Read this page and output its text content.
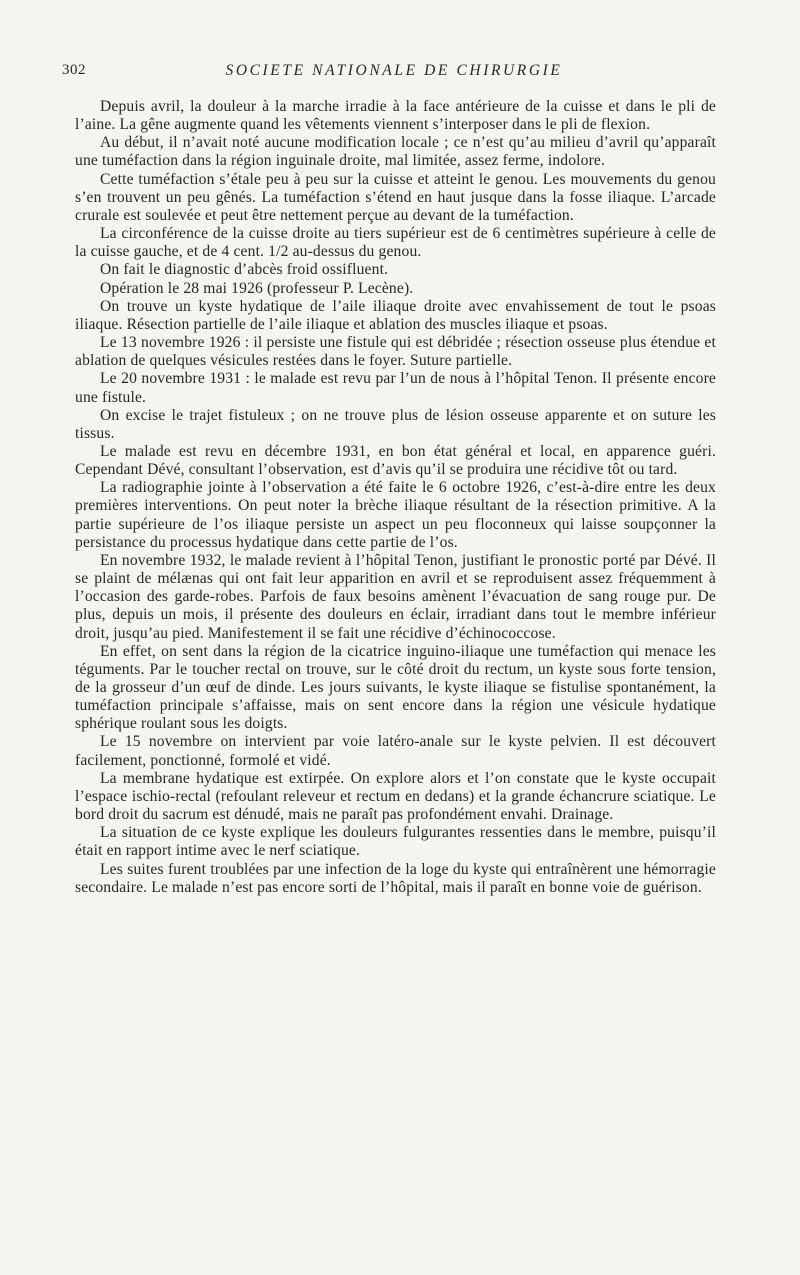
302	SOCIETE NATIONALE DE CHIRURGIE

Depuis avril, la douleur à la marche irradie à la face antérieure de la cuisse et dans le pli de l’aine. La gêne augmente quand les vêtements viennent s’interposer dans le pli de flexion.

Au début, il n’avait noté aucune modification locale ; ce n’est qu’au milieu d’avril qu’apparaît une tuméfaction dans la région inguinale droite, mal limitée, assez ferme, indolore.

Cette tuméfaction s’étale peu à peu sur la cuisse et atteint le genou. Les mouvements du genou s’en trouvent un peu gênés. La tuméfaction s’étend en haut jusque dans la fosse iliaque. L’arcade crurale est soulevée et peut être nettement perçue au devant de la tuméfaction.

La circonférence de la cuisse droite au tiers supérieur est de 6 centimètres supérieure à celle de la cuisse gauche, et de 4 cent. 1/2 au-dessus du genou.

On fait le diagnostic d’abcès froid ossifluent.

Opération le 28 mai 1926 (professeur P. Lecène).

On trouve un kyste hydatique de l’aile iliaque droite avec envahissement de tout le psoas iliaque. Résection partielle de l’aile iliaque et ablation des muscles iliaque et psoas.

Le 13 novembre 1926 : il persiste une fistule qui est débridée ; résection osseuse plus étendue et ablation de quelques vésicules restées dans le foyer. Suture partielle.

Le 20 novembre 1931 : le malade est revu par l’un de nous à l’hôpital Tenon. Il présente encore une fistule.

On excise le trajet fistuleux ; on ne trouve plus de lésion osseuse apparente et on suture les tissus.

Le malade est revu en décembre 1931, en bon état général et local, en apparence guéri. Cependant Dévé, consultant l’observation, est d’avis qu’il se produira une récidive tôt ou tard.

La radiographie jointe à l’observation a été faite le 6 octobre 1926, c’est-à-dire entre les deux premières interventions. On peut noter la brèche iliaque résultant de la résection primitive. A la partie supérieure de l’os iliaque persiste un aspect un peu floconneux qui laisse soupçonner la persistance du processus hydatique dans cette partie de l’os.

En novembre 1932, le malade revient à l’hôpital Tenon, justifiant le pronostic porté par Dévé. Il se plaint de mélænas qui ont fait leur apparition en avril et se reproduisent assez fréquemment à l’occasion des garde-robes. Parfois de faux besoins amènent l’évacuation de sang rouge pur. De plus, depuis un mois, il présente des douleurs en éclair, irradiant dans tout le membre inférieur droit, jusqu’au pied. Manifestement il se fait une récidive d’échinococcose.

En effet, on sent dans la région de la cicatrice inguino-iliaque une tuméfaction qui menace les téguments. Par le toucher rectal on trouve, sur le côté droit du rectum, un kyste sous forte tension, de la grosseur d’un œuf de dinde. Les jours suivants, le kyste iliaque se fistulise spontanément, la tuméfaction principale s’affaisse, mais on sent encore dans la région une vésicule hydatique sphérique roulant sous les doigts.

Le 15 novembre on intervient par voie latéro-anale sur le kyste pelvien. Il est découvert facilement, ponctionné, formolé et vidé.

La membrane hydatique est extirpée. On explore alors et l’on constate que le kyste occupait l’espace ischio-rectal (refoulant releveur et rectum en dedans) et la grande échancrure sciatique. Le bord droit du sacrum est dénudé, mais ne paraît pas profondément envahi. Drainage.

La situation de ce kyste explique les douleurs fulgurantes ressenties dans le membre, puisqu’il était en rapport intime avec le nerf sciatique.

Les suites furent troublées par une infection de la loge du kyste qui entraînèrent une hémorragie secondaire. Le malade n’est pas encore sorti de l’hôpital, mais il paraît en bonne voie de guérison.
